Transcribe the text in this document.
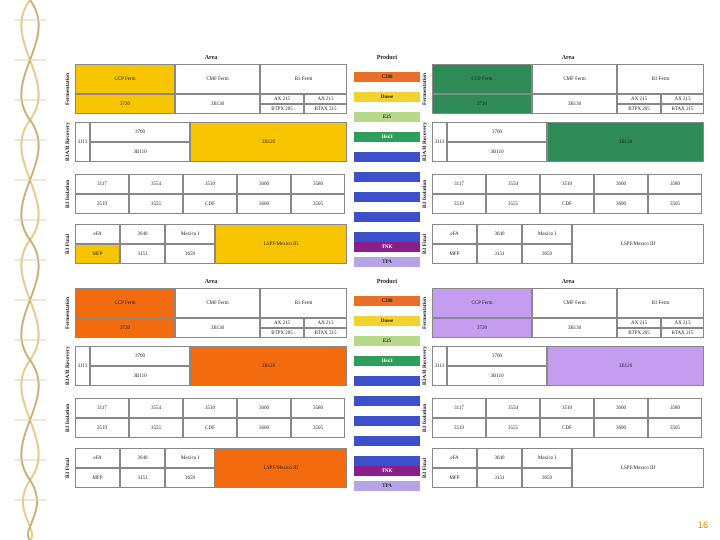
Area
Fermentation	CCP Ferm	CMF Ferm	B3 Ferm
3720	3B130
AX 215	AX 213
BTPX 205	BTAX 215
B3A/B Recovery	3113
3700
3B110
3B126
B3 Isolation	3117	3554	3510	3600	3580
3519	3555	CDF	3600	3505
B3 Final	eFA	3640	Mexico I
LSPF/Mexico III
MFP	3151	3659
Area
Fermentation	CCP Ferm	CMF Ferm	B3 Ferm
3720	3B130
AX 215	AX 213
BTPX 205	BTAX 215
B3A/B Recovery	3113
3700
3B110
3B126
B3 Isolation	3117	3554	3510	3600	3580
3519	3555	CDF	3600	3505
B3 Final	eFA	3640	Mexico I
LSPF/Mexico III
MFP	3151	3659
Area
Fermentation	CCP Ferm	CMF Ferm	B3 Ferm
3720	3B130
AX 215	AX 213
BTPX 205	BTAX 215
B3A/B Recovery	3113
3700
3B110
3B126
B3 Isolation	3117	3554	3510	3600	3580
3519	3555	CDF	3600	3505
B3 Final	eFA	3640	Mexico I
LSPF/Mexico III
MFP	3151	3659
Area
Fermentation	CCP Ferm	CMF Ferm	B3 Ferm
3720	3B130
AX 215	AX 213
BTPX 205	BTAX 215
B3A/B Recovery	3113
3700
3B110
3B126
B3 Isolation	3117	3554	3510	3600	3580
3519	3555	CDF	3600	3505
B3 Final	eFA	3640	Mexico I
LSPF/Mexico III
MFP	3151	3659
Product
C288
Dusse
E25
Hex3
TNK
TPA
Product
C288
Dusse
E25
Hex3
TNK
TPA
16
